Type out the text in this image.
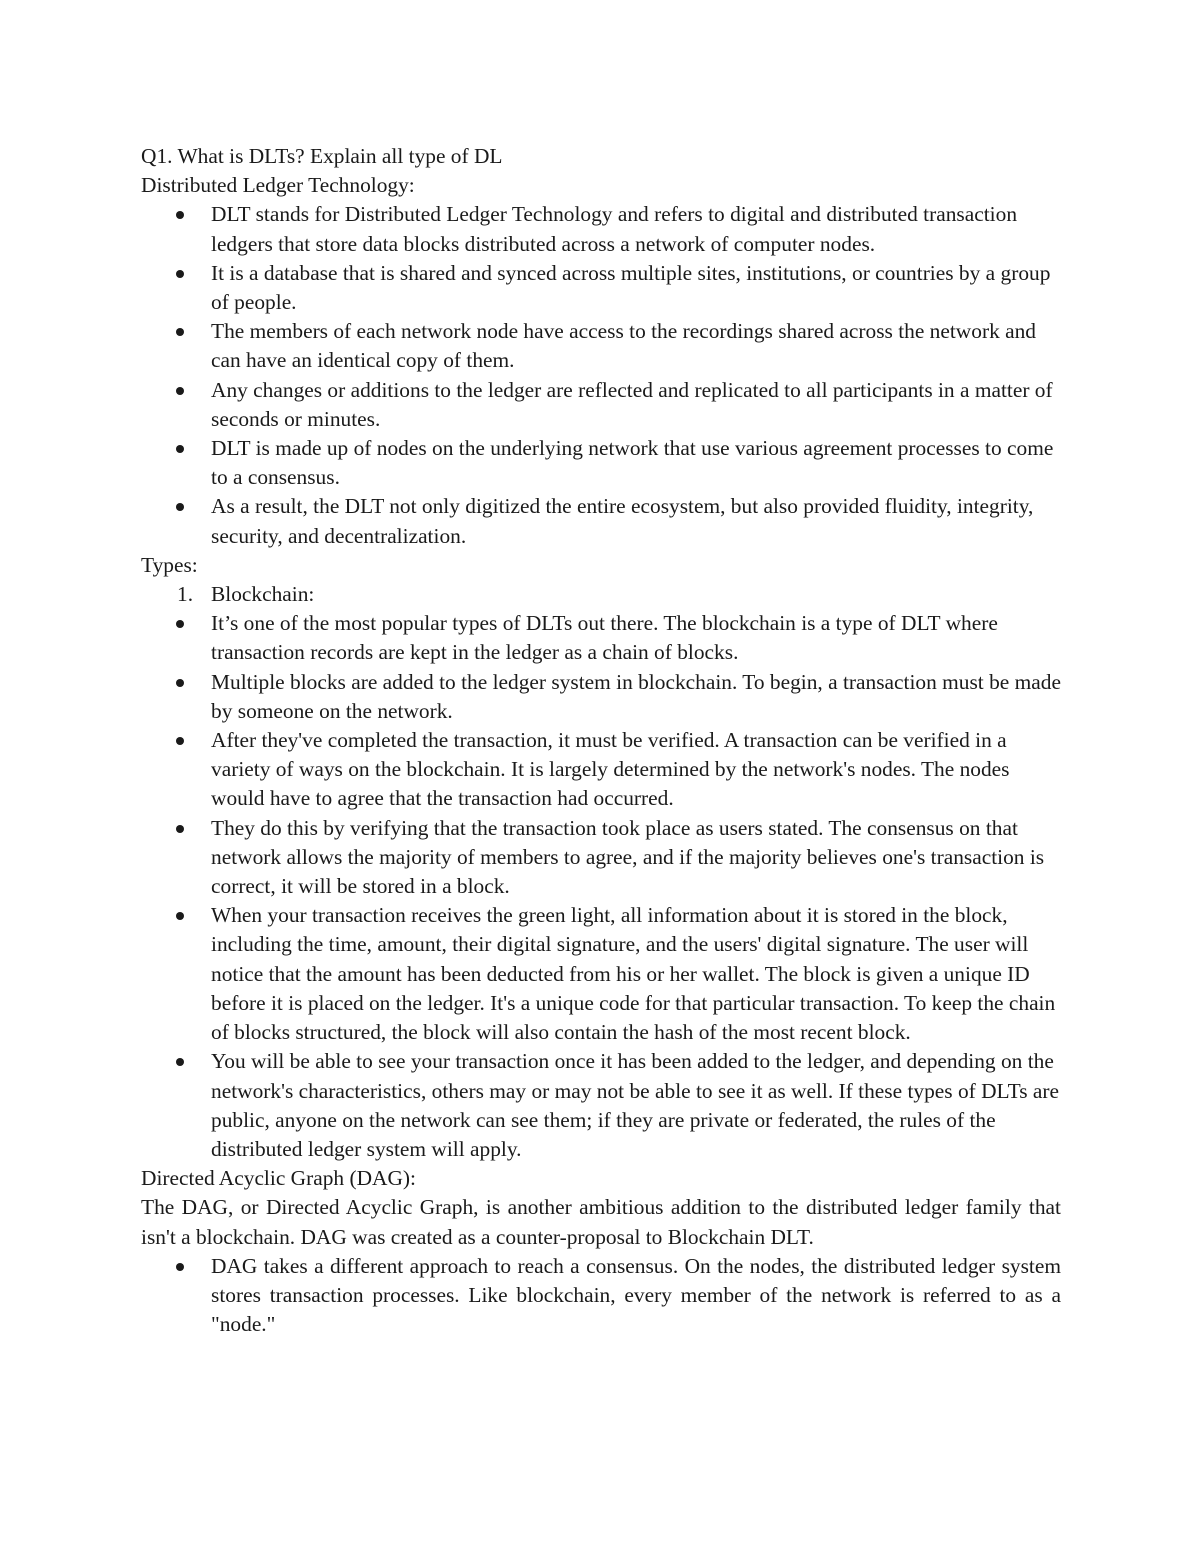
Q1. What is DLTs? Explain all type of DL

Distributed Ledger Technology:

DLT stands for Distributed Ledger Technology and refers to digital and distributed transaction ledgers that store data blocks distributed across a network of computer nodes.
It is a database that is shared and synced across multiple sites, institutions, or countries by a group of people.
The members of each network node have access to the recordings shared across the network and can have an identical copy of them.
Any changes or additions to the ledger are reflected and replicated to all participants in a matter of seconds or minutes.
DLT is made up of nodes on the underlying network that use various agreement processes to come to a consensus.
As a result, the DLT not only digitized the entire ecosystem, but also provided fluidity, integrity, security, and decentralization.

Types:

1. Blockchain:
It’s one of the most popular types of DLTs out there. The blockchain is a type of DLT where transaction records are kept in the ledger as a chain of blocks.
Multiple blocks are added to the ledger system in blockchain. To begin, a transaction must be made by someone on the network.
After they've completed the transaction, it must be verified. A transaction can be verified in a variety of ways on the blockchain. It is largely determined by the network's nodes. The nodes would have to agree that the transaction had occurred.
They do this by verifying that the transaction took place as users stated. The consensus on that network allows the majority of members to agree, and if the majority believes one's transaction is correct, it will be stored in a block.
When your transaction receives the green light, all information about it is stored in the block, including the time, amount, their digital signature, and the users' digital signature. The user will notice that the amount has been deducted from his or her wallet. The block is given a unique ID before it is placed on the ledger. It's a unique code for that particular transaction. To keep the chain of blocks structured, the block will also contain the hash of the most recent block.
You will be able to see your transaction once it has been added to the ledger, and depending on the network's characteristics, others may or may not be able to see it as well. If these types of DLTs are public, anyone on the network can see them; if they are private or federated, the rules of the distributed ledger system will apply.

Directed Acyclic Graph (DAG):

The DAG, or Directed Acyclic Graph, is another ambitious addition to the distributed ledger family that isn't a blockchain. DAG was created as a counter-proposal to Blockchain DLT.

DAG takes a different approach to reach a consensus. On the nodes, the distributed ledger system stores transaction processes. Like blockchain, every member of the network is referred to as a "node."
